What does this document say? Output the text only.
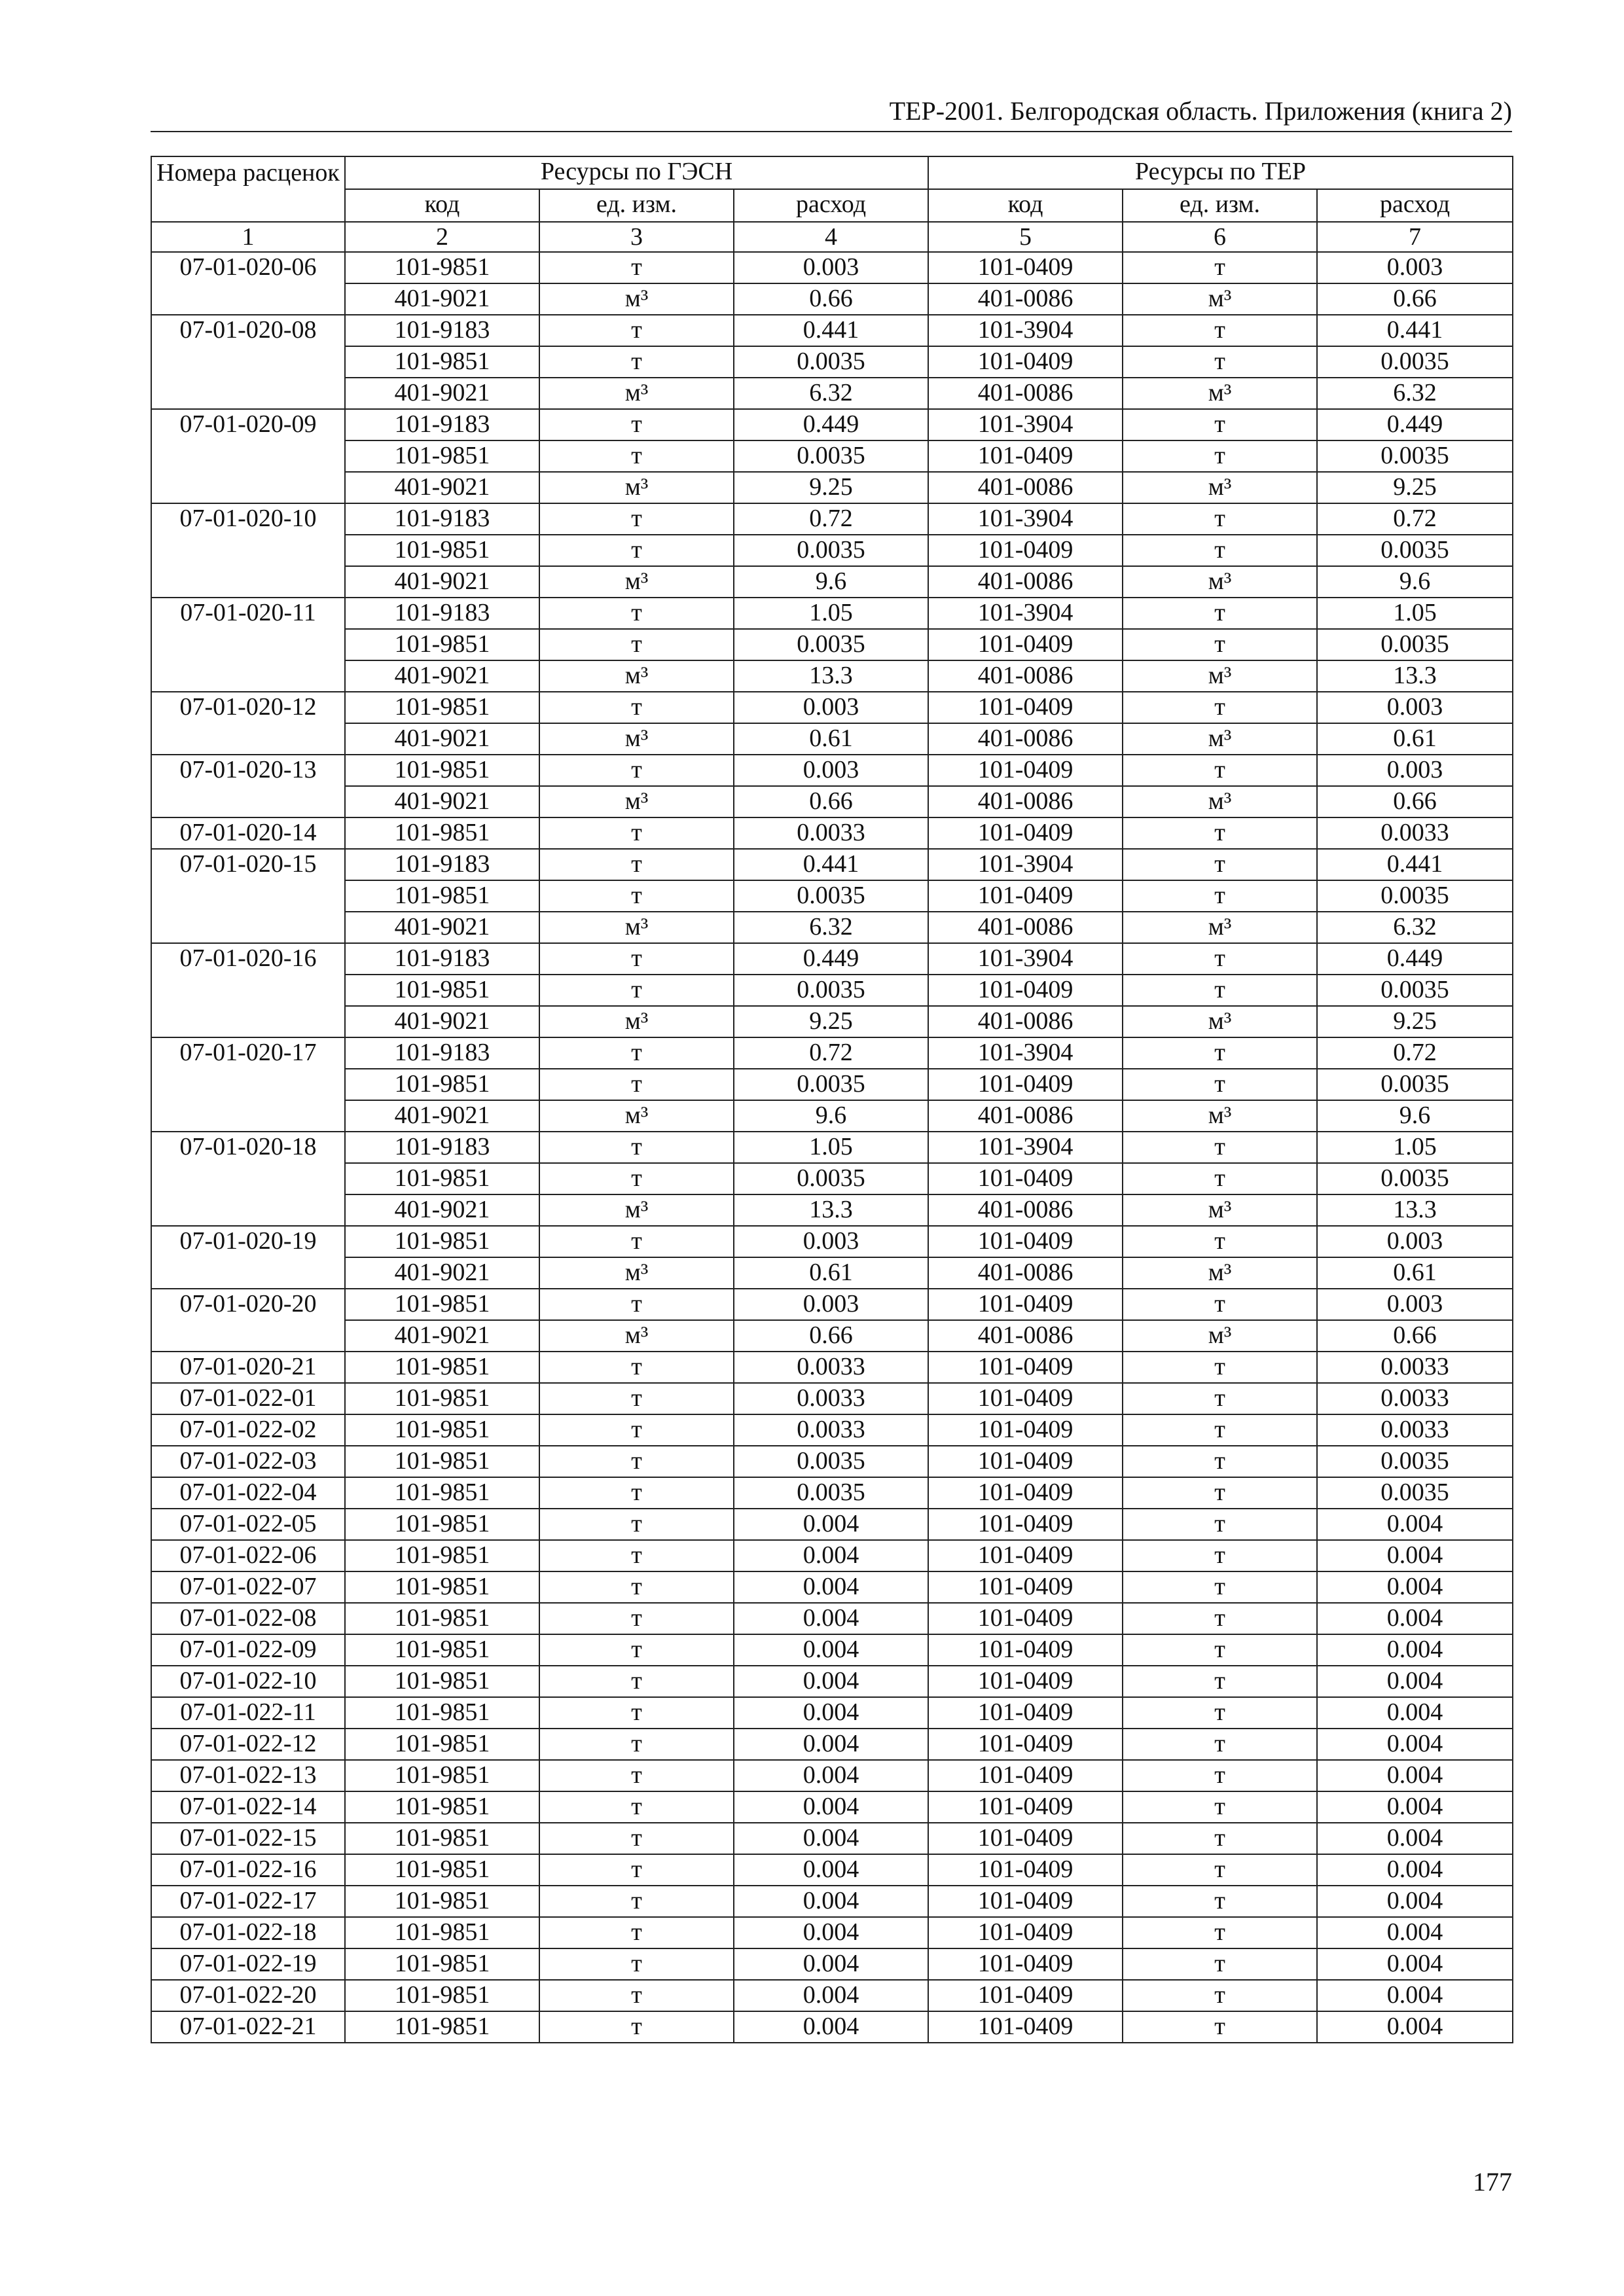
ТЕР-2001. Белгородская область. Приложения (книга 2)
Номера расценок	Ресурсы по ГЭСН			Ресурсы по ТЕР		
	код	ед. изм.	расход	код	ед. изм.	расход
1	2	3	4	5	6	7
07-01-020-06	101-9851	т	0.003	101-0409	т	0.003
	401-9021	м³	0.66	401-0086	м³	0.66
07-01-020-08	101-9183	т	0.441	101-3904	т	0.441
	101-9851	т	0.0035	101-0409	т	0.0035
	401-9021	м³	6.32	401-0086	м³	6.32
07-01-020-09	101-9183	т	0.449	101-3904	т	0.449
	101-9851	т	0.0035	101-0409	т	0.0035
	401-9021	м³	9.25	401-0086	м³	9.25
07-01-020-10	101-9183	т	0.72	101-3904	т	0.72
	101-9851	т	0.0035	101-0409	т	0.0035
	401-9021	м³	9.6	401-0086	м³	9.6
07-01-020-11	101-9183	т	1.05	101-3904	т	1.05
	101-9851	т	0.0035	101-0409	т	0.0035
	401-9021	м³	13.3	401-0086	м³	13.3
07-01-020-12	101-9851	т	0.003	101-0409	т	0.003
	401-9021	м³	0.61	401-0086	м³	0.61
07-01-020-13	101-9851	т	0.003	101-0409	т	0.003
	401-9021	м³	0.66	401-0086	м³	0.66
07-01-020-14	101-9851	т	0.0033	101-0409	т	0.0033
07-01-020-15	101-9183	т	0.441	101-3904	т	0.441
	101-9851	т	0.0035	101-0409	т	0.0035
	401-9021	м³	6.32	401-0086	м³	6.32
07-01-020-16	101-9183	т	0.449	101-3904	т	0.449
	101-9851	т	0.0035	101-0409	т	0.0035
	401-9021	м³	9.25	401-0086	м³	9.25
07-01-020-17	101-9183	т	0.72	101-3904	т	0.72
	101-9851	т	0.0035	101-0409	т	0.0035
	401-9021	м³	9.6	401-0086	м³	9.6
07-01-020-18	101-9183	т	1.05	101-3904	т	1.05
	101-9851	т	0.0035	101-0409	т	0.0035
	401-9021	м³	13.3	401-0086	м³	13.3
07-01-020-19	101-9851	т	0.003	101-0409	т	0.003
	401-9021	м³	0.61	401-0086	м³	0.61
07-01-020-20	101-9851	т	0.003	101-0409	т	0.003
	401-9021	м³	0.66	401-0086	м³	0.66
07-01-020-21	101-9851	т	0.0033	101-0409	т	0.0033
07-01-022-01	101-9851	т	0.0033	101-0409	т	0.0033
07-01-022-02	101-9851	т	0.0033	101-0409	т	0.0033
07-01-022-03	101-9851	т	0.0035	101-0409	т	0.0035
07-01-022-04	101-9851	т	0.0035	101-0409	т	0.0035
07-01-022-05	101-9851	т	0.004	101-0409	т	0.004
07-01-022-06	101-9851	т	0.004	101-0409	т	0.004
07-01-022-07	101-9851	т	0.004	101-0409	т	0.004
07-01-022-08	101-9851	т	0.004	101-0409	т	0.004
07-01-022-09	101-9851	т	0.004	101-0409	т	0.004
07-01-022-10	101-9851	т	0.004	101-0409	т	0.004
07-01-022-11	101-9851	т	0.004	101-0409	т	0.004
07-01-022-12	101-9851	т	0.004	101-0409	т	0.004
07-01-022-13	101-9851	т	0.004	101-0409	т	0.004
07-01-022-14	101-9851	т	0.004	101-0409	т	0.004
07-01-022-15	101-9851	т	0.004	101-0409	т	0.004
07-01-022-16	101-9851	т	0.004	101-0409	т	0.004
07-01-022-17	101-9851	т	0.004	101-0409	т	0.004
07-01-022-18	101-9851	т	0.004	101-0409	т	0.004
07-01-022-19	101-9851	т	0.004	101-0409	т	0.004
07-01-022-20	101-9851	т	0.004	101-0409	т	0.004
07-01-022-21	101-9851	т	0.004	101-0409	т	0.004
177
